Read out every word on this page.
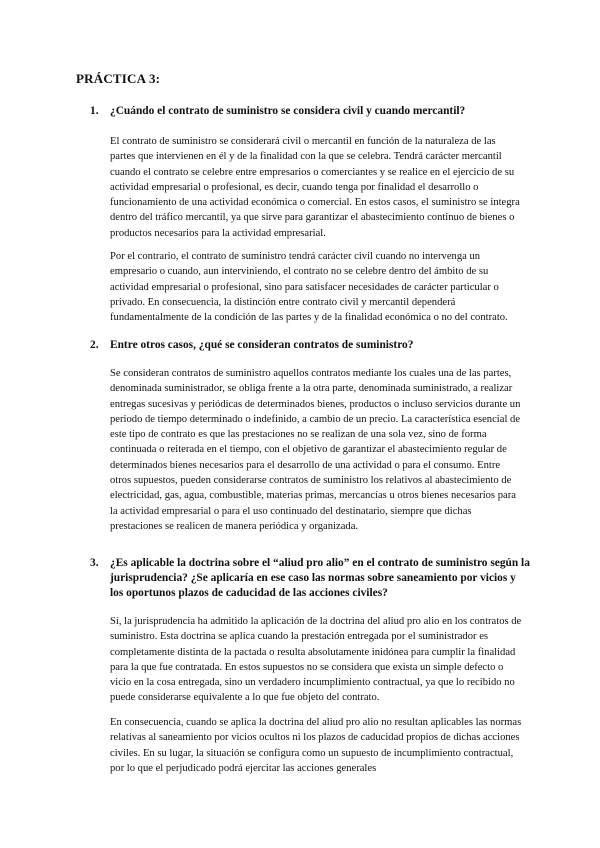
PRÁCTICA 3:
1.	¿Cuándo el contrato de suministro se considera civil y cuando mercantil?

El contrato de suministro se considerará civil o mercantil en función de la naturaleza de las partes que intervienen en él y de la finalidad con la que se celebra. Tendrá carácter mercantil cuando el contrato se celebre entre empresarios o comerciantes y se realice en el ejercicio de su actividad empresarial o profesional, es decir, cuando tenga por finalidad el desarrollo o funcionamiento de una actividad económica o comercial. En estos casos, el suministro se integra dentro del tráfico mercantil, ya que sirve para garantizar el abastecimiento continuo de bienes o productos necesarios para la actividad empresarial.

Por el contrario, el contrato de suministro tendrá carácter civil cuando no intervenga un empresario o cuando, aun interviniendo, el contrato no se celebre dentro del ámbito de su actividad empresarial o profesional, sino para satisfacer necesidades de carácter particular o privado. En consecuencia, la distinción entre contrato civil y mercantil dependerá fundamentalmente de la condición de las partes y de la finalidad económica o no del contrato.

2.	Entre otros casos, ¿qué se consideran contratos de suministro?

Se consideran contratos de suministro aquellos contratos mediante los cuales una de las partes, denominada suministrador, se obliga frente a la otra parte, denominada suministrado, a realizar entregas sucesivas y periódicas de determinados bienes, productos o incluso servicios durante un periodo de tiempo determinado o indefinido, a cambio de un precio. La característica esencial de este tipo de contrato es que las prestaciones no se realizan de una sola vez, sino de forma continuada o reiterada en el tiempo, con el objetivo de garantizar el abastecimiento regular de determinados bienes necesarios para el desarrollo de una actividad o para el consumo. Entre otros supuestos, pueden considerarse contratos de suministro los relativos al abastecimiento de electricidad, gas, agua, combustible, materias primas, mercancías u otros bienes necesarios para la actividad empresarial o para el uso continuado del destinatario, siempre que dichas prestaciones se realicen de manera periódica y organizada.

3.	¿Es aplicable la doctrina sobre el “aliud pro alio” en el contrato de suministro según la jurisprudencia? ¿Se aplicaría en ese caso las normas sobre saneamiento por vicios y los oportunos plazos de caducidad de las acciones civiles?

Sí, la jurisprudencia ha admitido la aplicación de la doctrina del aliud pro alio en los contratos de suministro. Esta doctrina se aplica cuando la prestación entregada por el suministrador es completamente distinta de la pactada o resulta absolutamente inidónea para cumplir la finalidad para la que fue contratada. En estos supuestos no se considera que exista un simple defecto o vicio en la cosa entregada, sino un verdadero incumplimiento contractual, ya que lo recibido no puede considerarse equivalente a lo que fue objeto del contrato.

En consecuencia, cuando se aplica la doctrina del aliud pro alio no resultan aplicables las normas relativas al saneamiento por vicios ocultos ni los plazos de caducidad propios de dichas acciones civiles. En su lugar, la situación se configura como un supuesto de incumplimiento contractual, por lo que el perjudicado podrá ejercitar las acciones generales
